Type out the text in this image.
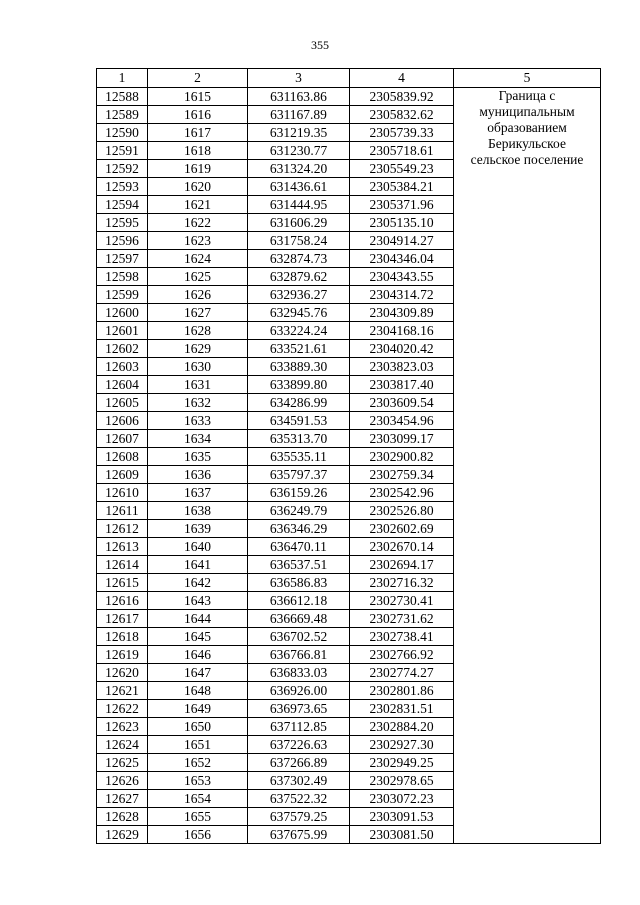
355
1	2	3	4	5
12588	1615	631163.86	2305839.92	Граница с
муниципальным
образованием
Берикульское
сельское поселение

12589	1616	631167.89	2305832.62	
12590	1617	631219.35	2305739.33	
12591	1618	631230.77	2305718.61	
12592	1619	631324.20	2305549.23	
12593	1620	631436.61	2305384.21	
12594	1621	631444.95	2305371.96	
12595	1622	631606.29	2305135.10	
12596	1623	631758.24	2304914.27	
12597	1624	632874.73	2304346.04	
12598	1625	632879.62	2304343.55	
12599	1626	632936.27	2304314.72	
12600	1627	632945.76	2304309.89	
12601	1628	633224.24	2304168.16	
12602	1629	633521.61	2304020.42	
12603	1630	633889.30	2303823.03	
12604	1631	633899.80	2303817.40	
12605	1632	634286.99	2303609.54	
12606	1633	634591.53	2303454.96	
12607	1634	635313.70	2303099.17	
12608	1635	635535.11	2302900.82	
12609	1636	635797.37	2302759.34	
12610	1637	636159.26	2302542.96	
12611	1638	636249.79	2302526.80	
12612	1639	636346.29	2302602.69	
12613	1640	636470.11	2302670.14	
12614	1641	636537.51	2302694.17	
12615	1642	636586.83	2302716.32	
12616	1643	636612.18	2302730.41	
12617	1644	636669.48	2302731.62	
12618	1645	636702.52	2302738.41	
12619	1646	636766.81	2302766.92	
12620	1647	636833.03	2302774.27	
12621	1648	636926.00	2302801.86	
12622	1649	636973.65	2302831.51	
12623	1650	637112.85	2302884.20	
12624	1651	637226.63	2302927.30	
12625	1652	637266.89	2302949.25	
12626	1653	637302.49	2302978.65	
12627	1654	637522.32	2303072.23	
12628	1655	637579.25	2303091.53	
12629	1656	637675.99	2303081.50	
